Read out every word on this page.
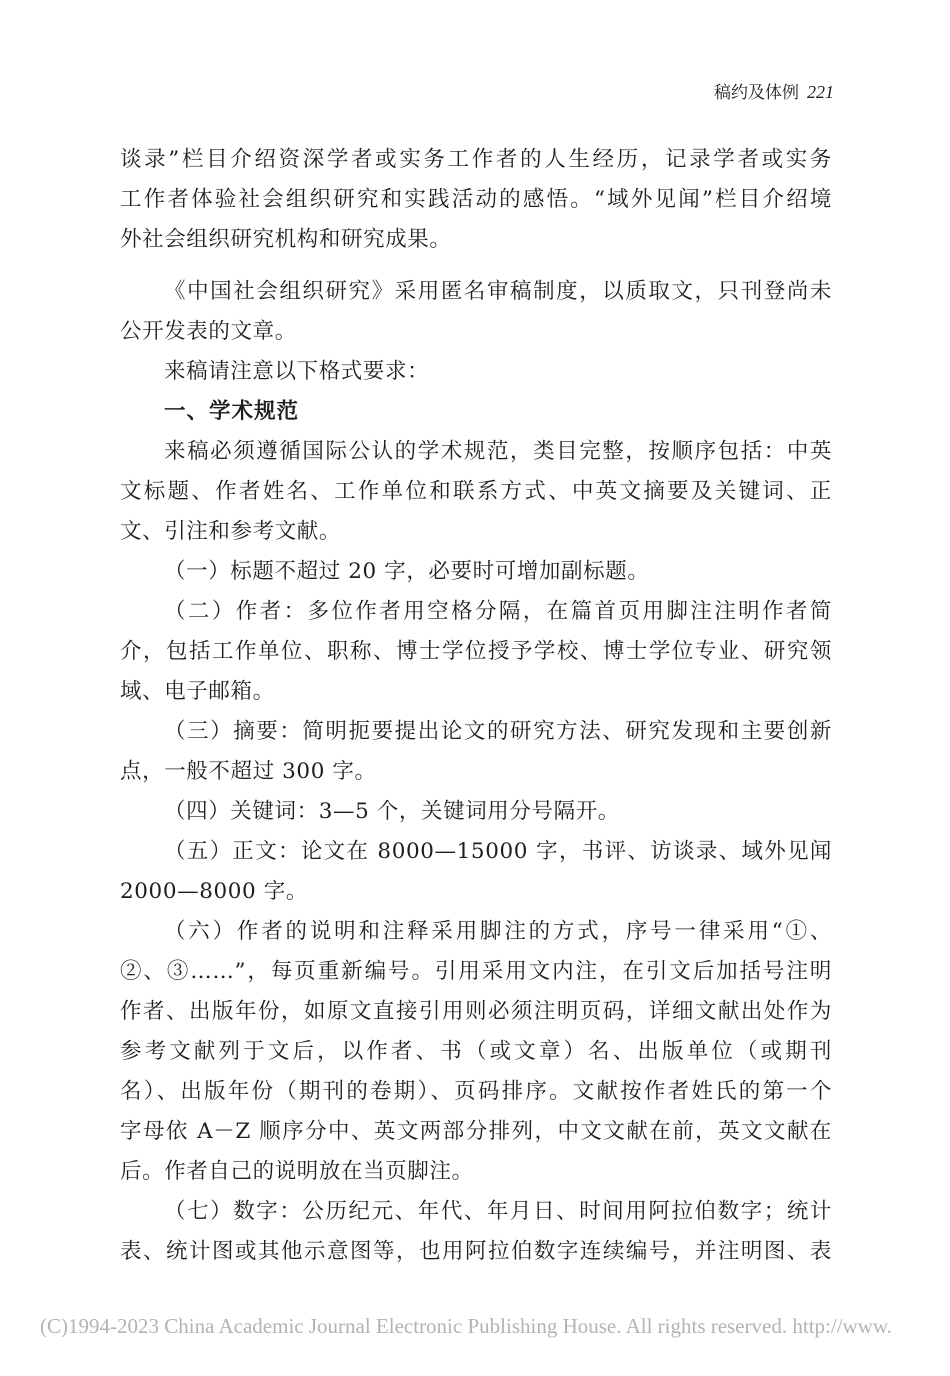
稿约及体例 221
谈录”栏目介绍资深学者或实务工作者的人生经历，记录学者或实务
工作者体验社会组织研究和实践活动的感悟。“域外见闻”栏目介绍境
外社会组织研究机构和研究成果。
《中国社会组织研究》采用匿名审稿制度，以质取文，只刊登尚未
公开发表的文章。
来稿请注意以下格式要求：
一、学术规范
来稿必须遵循国际公认的学术规范，类目完整，按顺序包括：中英
文标题、作者姓名、工作单位和联系方式、中英文摘要及关键词、正
文、引注和参考文献。
（一）标题不超过 20 字，必要时可增加副标题。
（二）作者：多位作者用空格分隔，在篇首页用脚注注明作者简
介，包括工作单位、职称、博士学位授予学校、博士学位专业、研究领
域、电子邮箱。
（三）摘要：简明扼要提出论文的研究方法、研究发现和主要创新
点，一般不超过 300 字。
（四）关键词：3—5 个，关键词用分号隔开。
（五）正文：论文在 8000—15000 字，书评、访谈录、域外见闻
2000—8000 字。
（六）作者的说明和注释采用脚注的方式，序号一律采用“①、
②、③……”，每页重新编号。引用采用文内注，在引文后加括号注明
作者、出版年份，如原文直接引用则必须注明页码，详细文献出处作为
参考文献列于文后，以作者、书（或文章）名、出版单位（或期刊
名）、出版年份（期刊的卷期）、页码排序。文献按作者姓氏的第一个
字母依 A－Z 顺序分中、英文两部分排列，中文文献在前，英文文献在
后。作者自己的说明放在当页脚注。
（七）数字：公历纪元、年代、年月日、时间用阿拉伯数字；统计
表、统计图或其他示意图等，也用阿拉伯数字连续编号，并注明图、表
(C)1994-2023 China Academic Journal Electronic Publishing House. All rights reserved. http://www.
